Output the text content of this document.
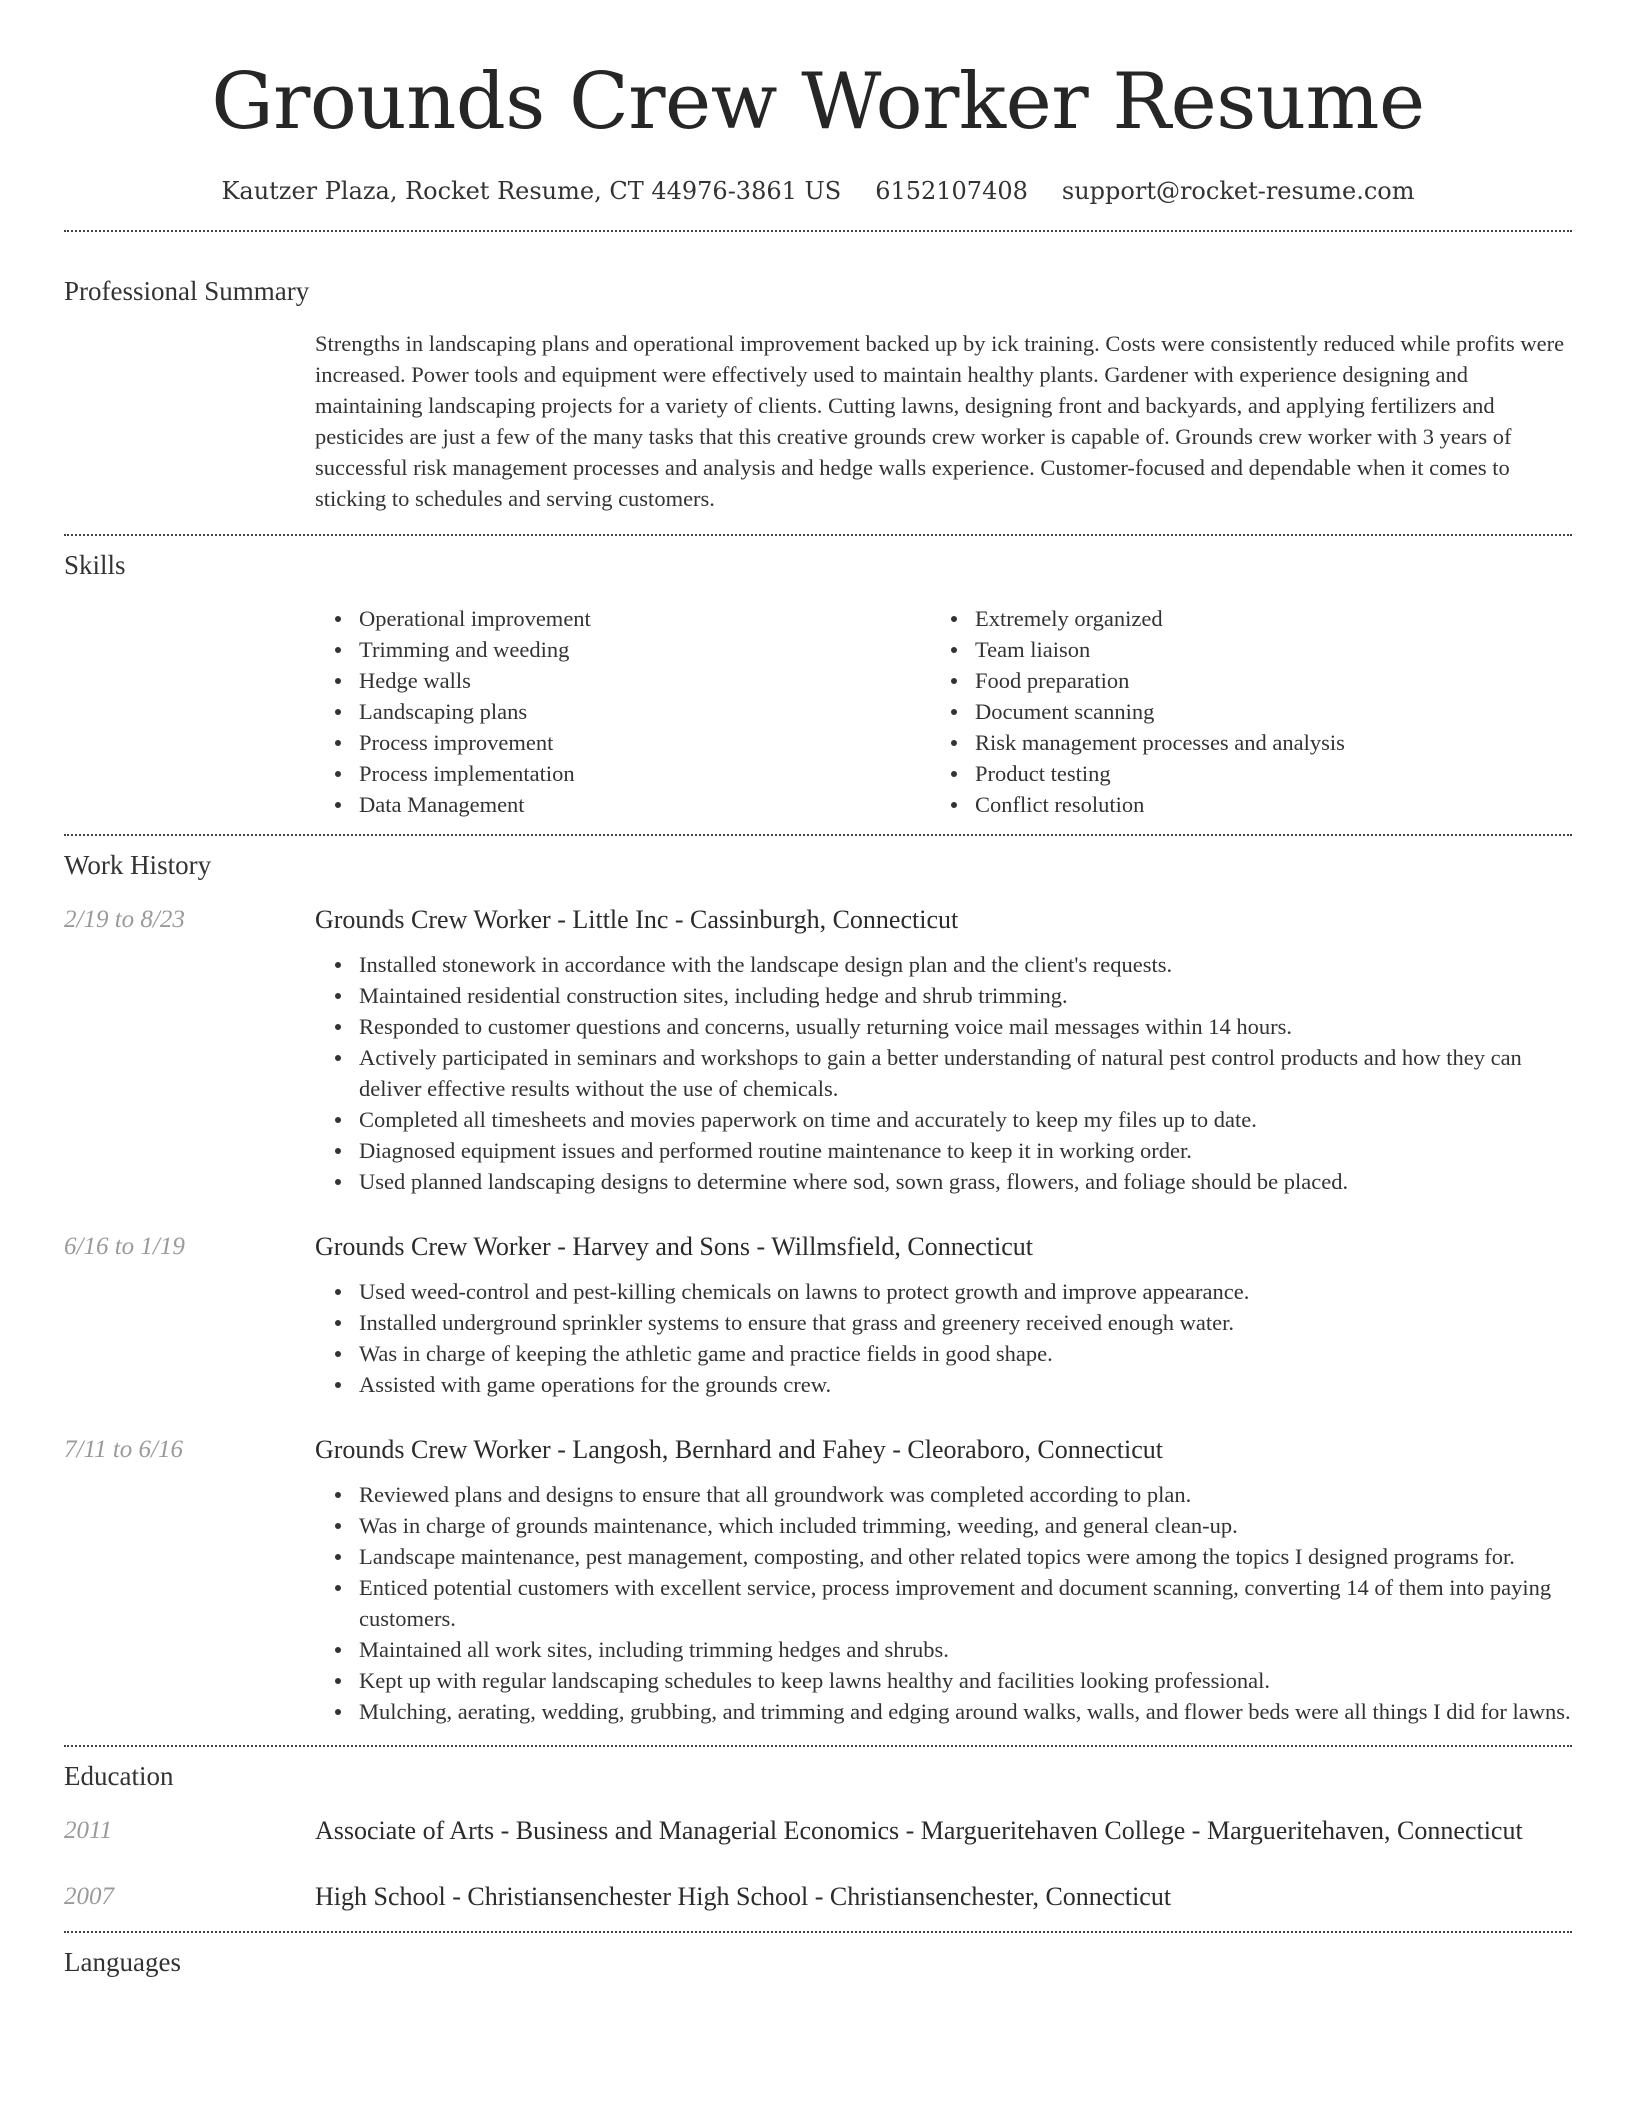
Grounds Crew Worker Resume
Kautzer Plaza, Rocket Resume, CT 44976-3861 US 6152107408 support@rocket-resume.com
Professional Summary

Strengths in landscaping plans and operational improvement backed up by ick training. Costs were consistently reduced while profits were increased. Power tools and equipment were effectively used to maintain healthy plants. Gardener with experience designing and maintaining landscaping projects for a variety of clients. Cutting lawns, designing front and backyards, and applying fertilizers and pesticides are just a few of the many tasks that this creative grounds crew worker is capable of. Grounds crew worker with 3 years of successful risk management processes and analysis and hedge walls experience. Customer-focused and dependable when it comes to sticking to schedules and serving customers.

Skills
Operational improvement
Trimming and weeding
Hedge walls
Landscaping plans
Process improvement
Process implementation
Data Management
Extremely organized
Team liaison
Food preparation
Document scanning
Risk management processes and analysis
Product testing
Conflict resolution
Work History
2/19 to 8/23	Grounds Crew Worker - Little Inc - Cassinburgh, Connecticut
Installed stonework in accordance with the landscape design plan and the client's requests.
Maintained residential construction sites, including hedge and shrub trimming.
Responded to customer questions and concerns, usually returning voice mail messages within 14 hours.
Actively participated in seminars and workshops to gain a better understanding of natural pest control products and how they can deliver effective results without the use of chemicals.
Completed all timesheets and movies paperwork on time and accurately to keep my files up to date.
Diagnosed equipment issues and performed routine maintenance to keep it in working order.
Used planned landscaping designs to determine where sod, sown grass, flowers, and foliage should be placed.
6/16 to 1/19	Grounds Crew Worker - Harvey and Sons - Willmsfield, Connecticut
Used weed-control and pest-killing chemicals on lawns to protect growth and improve appearance.
Installed underground sprinkler systems to ensure that grass and greenery received enough water.
Was in charge of keeping the athletic game and practice fields in good shape.
Assisted with game operations for the grounds crew.
7/11 to 6/16	Grounds Crew Worker - Langosh, Bernhard and Fahey - Cleoraboro, Connecticut
Reviewed plans and designs to ensure that all groundwork was completed according to plan.
Was in charge of grounds maintenance, which included trimming, weeding, and general clean-up.
Landscape maintenance, pest management, composting, and other related topics were among the topics I designed programs for.
Enticed potential customers with excellent service, process improvement and document scanning, converting 14 of them into paying customers.
Maintained all work sites, including trimming hedges and shrubs.
Kept up with regular landscaping schedules to keep lawns healthy and facilities looking professional.
Mulching, aerating, wedding, grubbing, and trimming and edging around walks, walls, and flower beds were all things I did for lawns.
Education
2011	Associate of Arts - Business and Managerial Economics - Margueritehaven College - Margueritehaven, Connecticut
2007	High School - Christiansenchester High School - Christiansenchester, Connecticut
Languages
